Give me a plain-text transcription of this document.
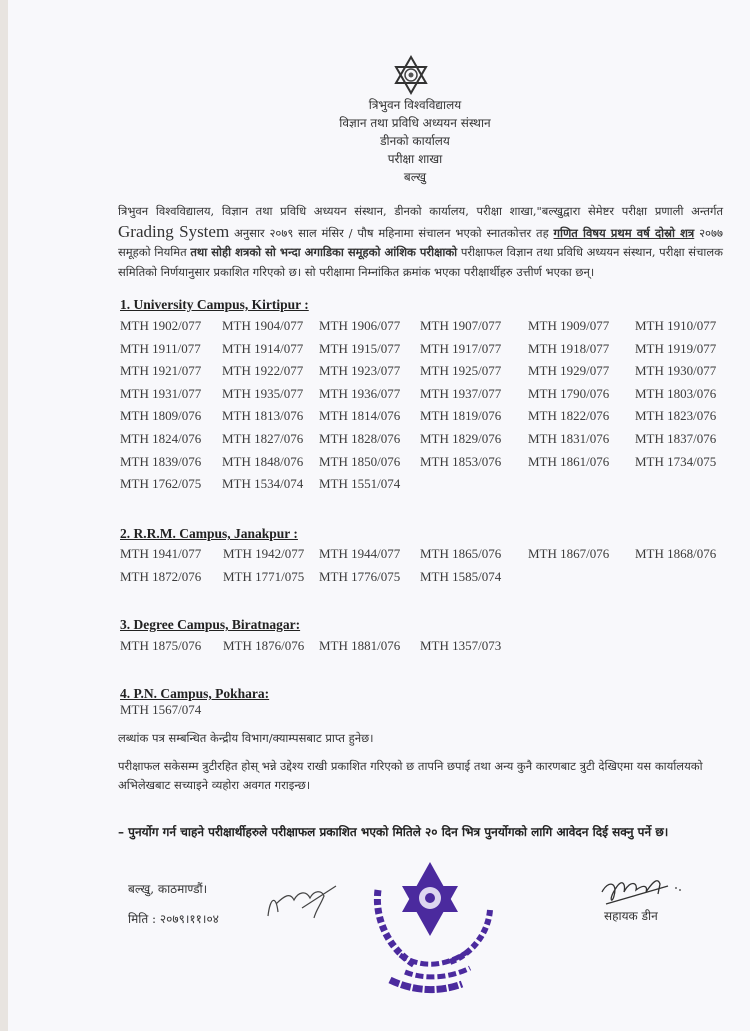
त्रिभुवन विश्वविद्यालय
विज्ञान तथा प्रविधि अध्ययन संस्थान
डीनको कार्यालय
परीक्षा शाखा
बल्खु
त्रिभुवन विश्वविद्यालय, विज्ञान तथा प्रविधि अध्ययन संस्थान, डीनको कार्यालय, परीक्षा शाखा,"बल्खुद्वारा सेमेष्टर परीक्षा प्रणाली अन्तर्गत Grading System अनुसार २०७९ साल मंसिर / पौष महिनामा संचालन भएको स्नातकोत्तर तह गणित विषय प्रथम वर्ष दोस्रो शत्र २०७७ समूहको नियमित तथा सोही शत्रको सो भन्दा अगाडिका समूहको आंशिक परीक्षाको परीक्षाफल विज्ञान तथा प्रविधि अध्ययन संस्थान, परीक्षा संचालक समितिको निर्णयानुसार प्रकाशित गरिएको छ। सो परीक्षामा निम्नांकित क्रमांक भएका परीक्षार्थीहरु उत्तीर्ण भएका छन्।
1. University Campus, Kirtipur :
MTH 1902/077 MTH 1904/077 MTH 1906/077 MTH 1907/077 MTH 1909/077 MTH 1910/077
MTH 1911/077 MTH 1914/077 MTH 1915/077 MTH 1917/077 MTH 1918/077 MTH 1919/077
MTH 1921/077 MTH 1922/077 MTH 1923/077 MTH 1925/077 MTH 1929/077 MTH 1930/077
MTH 1931/077 MTH 1935/077 MTH 1936/077 MTH 1937/077 MTH 1790/076 MTH 1803/076
MTH 1809/076 MTH 1813/076 MTH 1814/076 MTH 1819/076 MTH 1822/076 MTH 1823/076
MTH 1824/076 MTH 1827/076 MTH 1828/076 MTH 1829/076 MTH 1831/076 MTH 1837/076
MTH 1839/076 MTH 1848/076 MTH 1850/076 MTH 1853/076 MTH 1861/076 MTH 1734/075
MTH 1762/075 MTH 1534/074 MTH 1551/074
2. R.R.M. Campus, Janakpur :
MTH 1941/077 MTH 1942/077 MTH 1944/077 MTH 1865/076 MTH 1867/076 MTH 1868/076
MTH 1872/076 MTH 1771/075 MTH 1776/075 MTH 1585/074
3. Degree Campus, Biratnagar:
MTH 1875/076 MTH 1876/076 MTH 1881/076 MTH 1357/073
4. P.N. Campus, Pokhara:
MTH 1567/074
लब्धांक पत्र सम्बन्धित केन्द्रीय विभाग/क्याम्पसबाट प्राप्त हुनेछ।
परीक्षाफल सकेसम्म त्रुटीरहित होस् भन्ने उद्देश्य राखी प्रकाशित गरिएको छ तापनि छपाई तथा अन्य कुनै कारणबाट त्रुटी देखिएमा यस कार्यालयको अभिलेखबाट सच्याइने व्यहोरा अवगत गराइन्छ।
– पुनर्योग गर्न चाहने परीक्षार्थीहरुले परीक्षाफल प्रकाशित भएको मितिले २० दिन भित्र पुनर्योगको लागि आवेदन दिई सक्नु पर्ने छ।
बल्खु, काठमाण्डौं।
मिति : २०७९।११।०४	सहायक डीन
